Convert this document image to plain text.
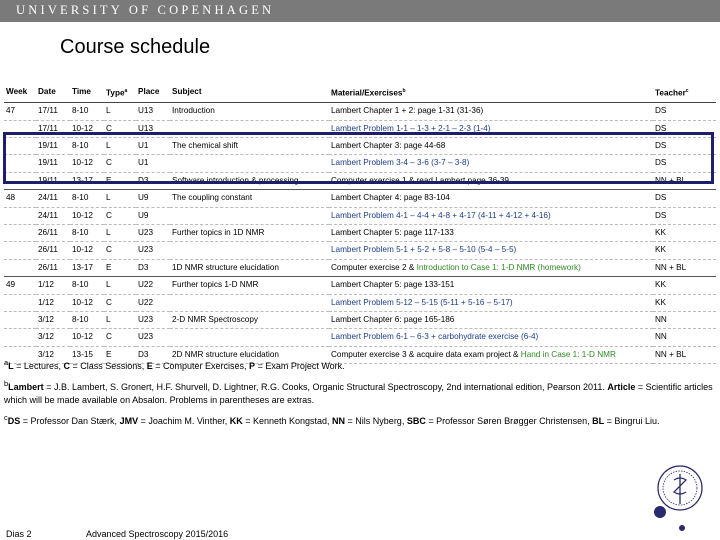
UNIVERSITY OF COPENHAGEN
Course schedule
Week	Date	Time	Type$^a$	Place	Subject	Material/Exercises$^b$	Teacher$^c$
47	17/11	8-10	L	U13	Introduction	Lambert Chapter 1 + 2: page 1-31 (31-36)	DS
	17/11	10-12	C	U13		Lambert Problem 1-1 – 1-3 + 2-1 – 2-3 (1-4)	DS
	19/11	8-10	L	U1	The chemical shift	Lambert Chapter 3: page 44-68	DS
	19/11	10-12	C	U1		Lambert Problem 3-4 – 3-6 (3-7 – 3-8)	DS
	19/11	13-17	E	D3	Software introduction & processing	Computer exercise 1 & read Lambert page 36-39	NN + BL
48	24/11	8-10	L	U9	The coupling constant	Lambert Chapter 4: page 83-104	DS
	24/11	10-12	C	U9		Lambert Problem 4-1 – 4-4 + 4-8 + 4-17 (4-11 + 4-12 + 4-16)	DS
	26/11	8-10	L	U23	Further topics in 1D NMR	Lambert Chapter 5: page 117-133	KK
	26/11	10-12	C	U23		Lambert Problem 5-1 + 5-2 + 5-8 – 5-10 (5-4 – 5-5)	KK
	26/11	13-17	E	D3	1D NMR structure elucidation	Computer exercise 2 & Introduction to Case 1: 1-D NMR (homework)	NN + BL
49	1/12	8-10	L	U22	Further topics 1-D NMR	Lambert Chapter 5: page 133-151	KK
	1/12	10-12	C	U22		Lambert Problem 5-12 – 5-15 (5-11 + 5-16 – 5-17)	KK
	3/12	8-10	L	U23	2-D NMR Spectroscopy	Lambert Chapter 6: page 165-186	NN
	3/12	10-12	C	U23		Lambert Problem 6-1 – 6-3 + carbohydrate exercise (6-4)	NN
	3/12	13-15	E	D3	2D NMR structure elucidation	Computer exercise 3 & acquire data exam project & Hand in Case 1: 1-D NMR	NN + BL

$^a$L = Lectures, C = Class Sessions, E = Computer Exercises, P = Exam Project Work.

$^b$Lambert = J.B. Lambert, S. Gronert, H.F. Shurvell, D. Lightner, R.G. Cooks, Organic Structural Spectroscopy, 2nd international edition, Pearson 2011. Article = Scientific articles which will be made available on Absalon. Problems in parentheses are extras.

$^c$DS = Professor Dan Stærk, JMV = Joachim M. Vinther, KK = Kenneth Kongstad, NN = Nils Nyberg, SBC = Professor Søren Brøgger Christensen, BL = Bingrui Liu.

Dias 2	Advanced Spectroscopy 2015/2016
